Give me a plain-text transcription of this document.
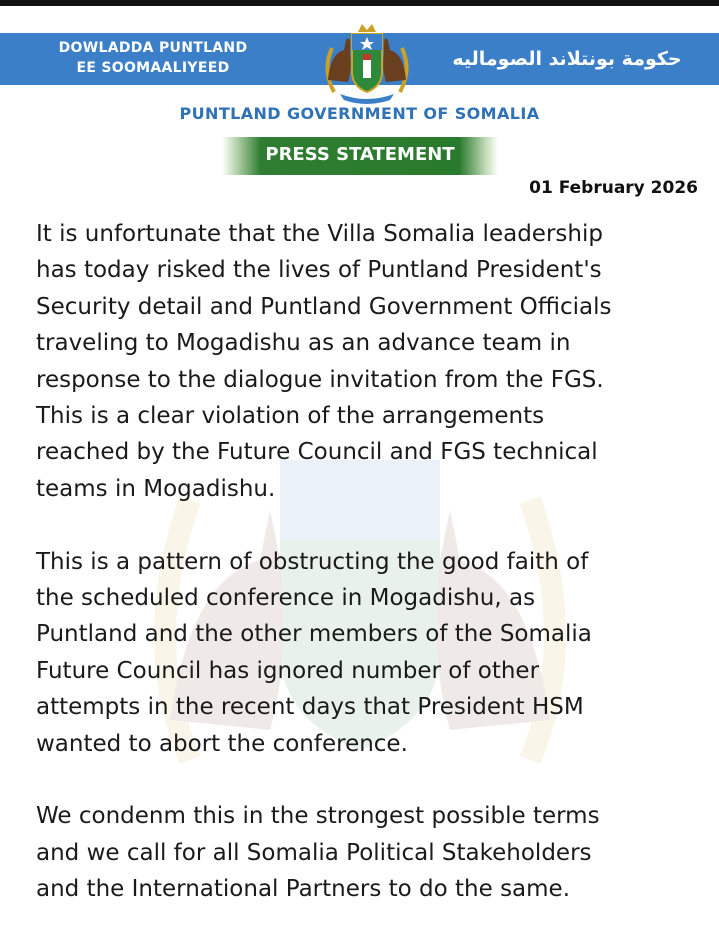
DOWLADDA PUNTLAND
EE SOOMAALIYEED	حكومة بونتلاند الصوماليه
PUNTLAND GOVERNMENT OF SOMALIA
PRESS STATEMENT
01 February 2026

It is unfortunate that the Villa Somalia leadership
has today risked the lives of Puntland President's
Security detail and Puntland Government Officials
traveling to Mogadishu as an advance team in
response to the dialogue invitation from the FGS.
This is a clear violation of the arrangements
reached by the Future Council and FGS technical
teams in Mogadishu.

This is a pattern of obstructing the good faith of
the scheduled conference in Mogadishu, as
Puntland and the other members of the Somalia
Future Council has ignored number of other
attempts in the recent days that President HSM
wanted to abort the conference.

We condenm this in the strongest possible terms
and we call for all Somalia Political Stakeholders
and the International Partners to do the same.
